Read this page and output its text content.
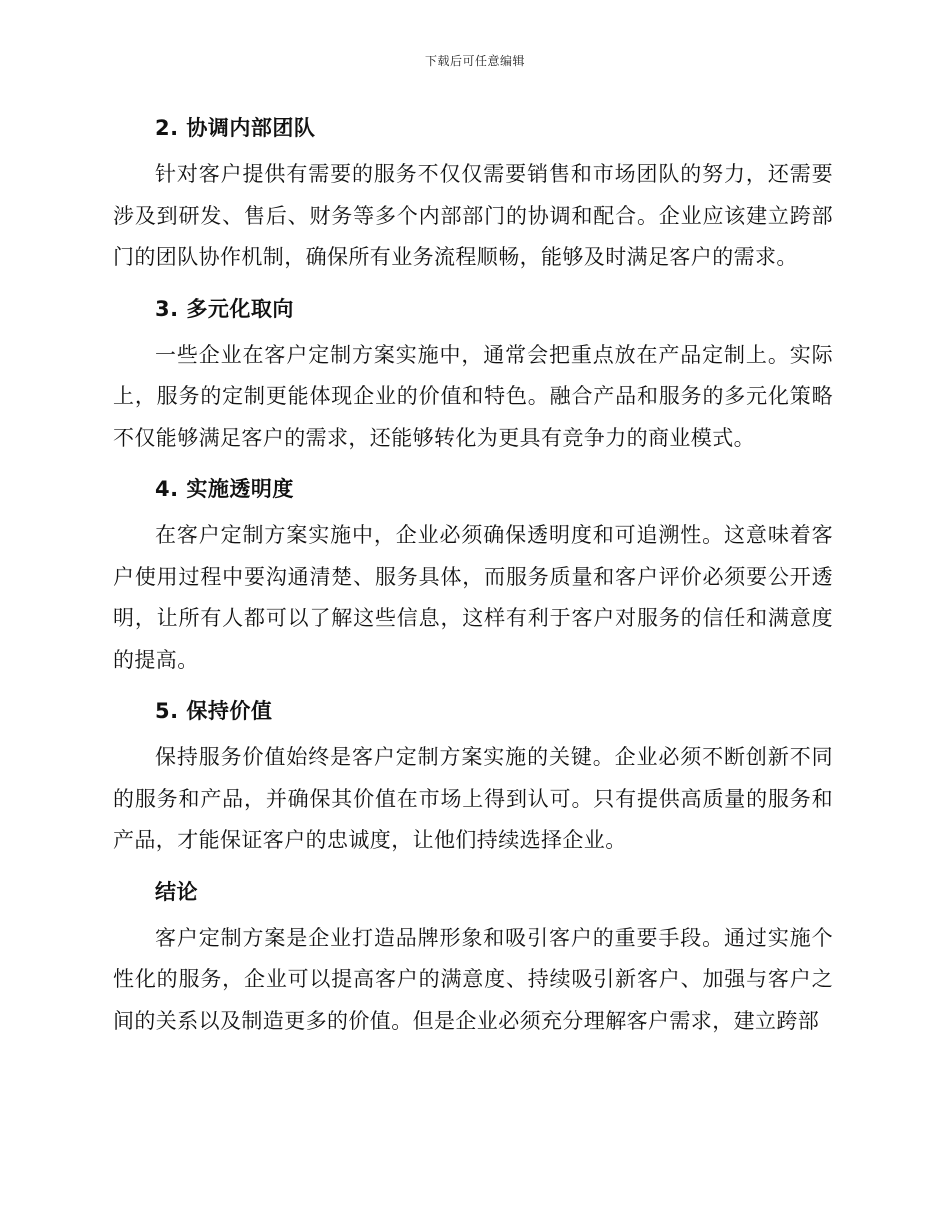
下载后可任意编辑
2. 协调内部团队

针对客户提供有需要的服务不仅仅需要销售和市场团队的努力，还需要涉及到研发、售后、财务等多个内部部门的协调和配合。企业应该建立跨部门的团队协作机制，确保所有业务流程顺畅，能够及时满足客户的需求。

3. 多元化取向

一些企业在客户定制方案实施中，通常会把重点放在产品定制上。实际上，服务的定制更能体现企业的价值和特色。融合产品和服务的多元化策略不仅能够满足客户的需求，还能够转化为更具有竞争力的商业模式。

4. 实施透明度

在客户定制方案实施中，企业必须确保透明度和可追溯性。这意味着客户使用过程中要沟通清楚、服务具体，而服务质量和客户评价必须要公开透明，让所有人都可以了解这些信息，这样有利于客户对服务的信任和满意度的提高。

5. 保持价值

保持服务价值始终是客户定制方案实施的关键。企业必须不断创新不同的服务和产品，并确保其价值在市场上得到认可。只有提供高质量的服务和产品，才能保证客户的忠诚度，让他们持续选择企业。

结论

客户定制方案是企业打造品牌形象和吸引客户的重要手段。通过实施个性化的服务，企业可以提高客户的满意度、持续吸引新客户、加强与客户之间的关系以及制造更多的价值。但是企业必须充分理解客户需求，建立跨部
